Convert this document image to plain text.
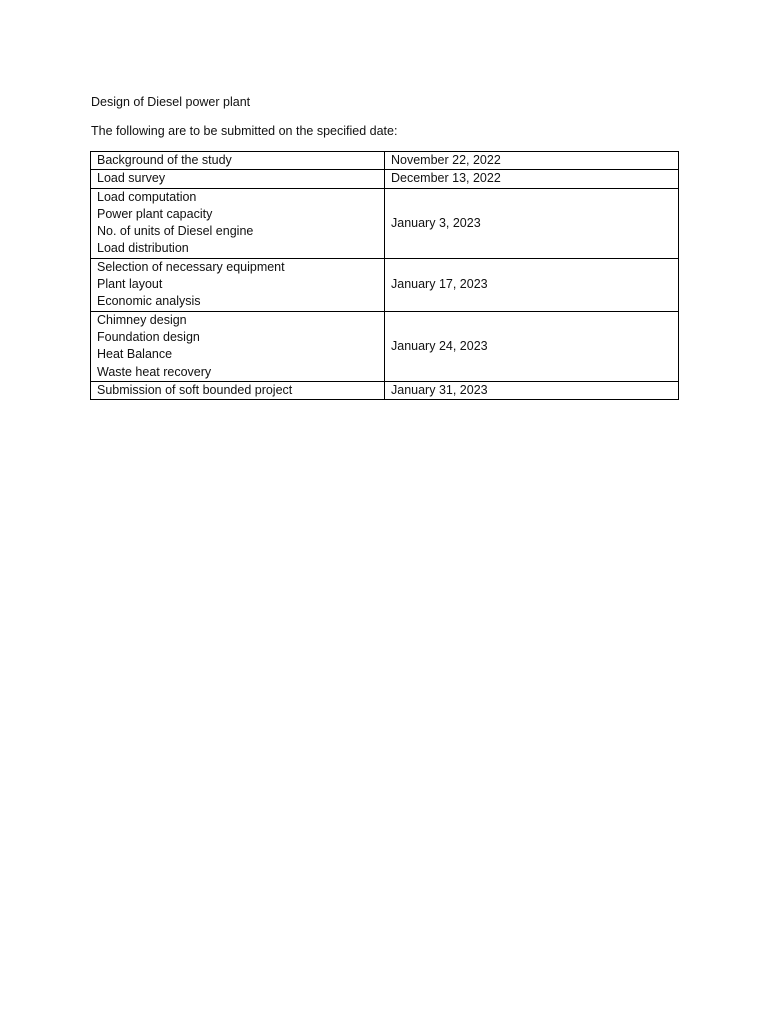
Design of Diesel power plant
The following are to be submitted on the specified date:
Background of the study	November 22, 2022

Load survey	December 13, 2022

Load computation
Power plant capacity
No. of units of Diesel engine
Load distribution	January 3, 2023

Selection of necessary equipment
Plant layout
Economic analysis	January 17, 2023

Chimney design
Foundation design
Heat Balance
Waste heat recovery	January 24, 2023

Submission of soft bounded project	January 31, 2023
